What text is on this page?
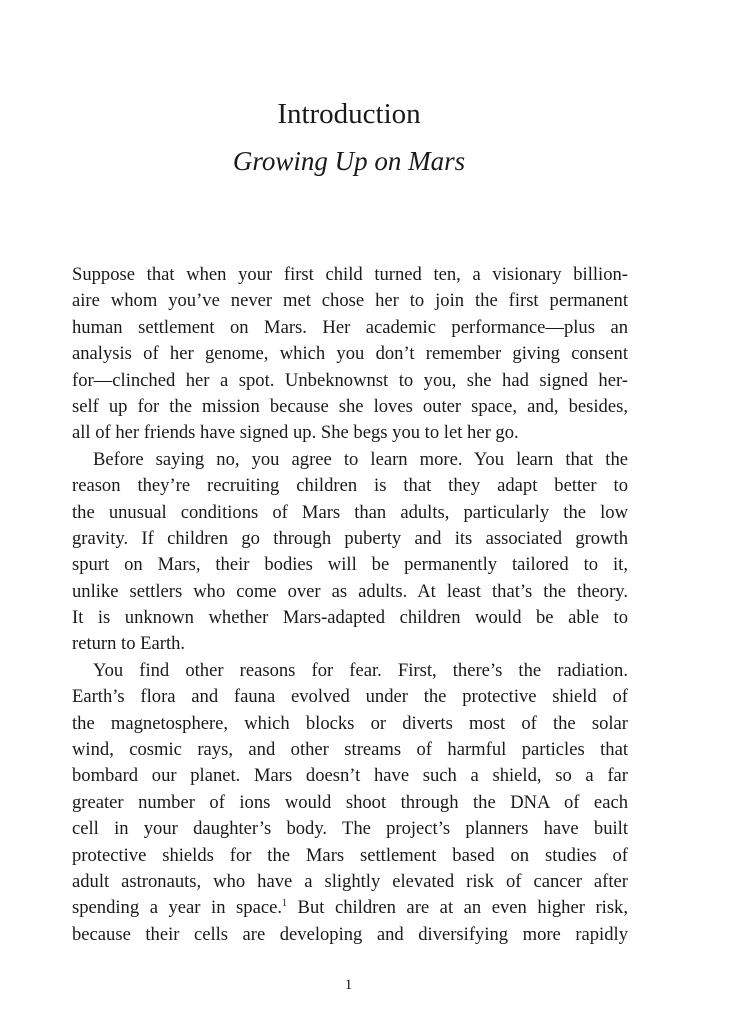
Introduction
Growing Up on Mars
Suppose that when your first child turned ten, a visionary billion-
aire whom you’ve never met chose her to join the first permanent
human settlement on Mars. Her academic performance—plus an
analysis of her genome, which you don’t remember giving consent
for—clinched her a spot. Unbeknownst to you, she had signed her-
self up for the mission because she loves outer space, and, besides,
all of her friends have signed up. She begs you to let her go.
Before saying no, you agree to learn more. You learn that the
reason they’re recruiting children is that they adapt better to
the unusual conditions of Mars than adults, particularly the low
gravity. If children go through puberty and its associated growth
spurt on Mars, their bodies will be permanently tailored to it,
unlike settlers who come over as adults. At least that’s the theory.
It is unknown whether Mars-adapted children would be able to
return to Earth.
You find other reasons for fear. First, there’s the radiation.
Earth’s flora and fauna evolved under the protective shield of
the magnetosphere, which blocks or diverts most of the solar
wind, cosmic rays, and other streams of harmful particles that
bombard our planet. Mars doesn’t have such a shield, so a far
greater number of ions would shoot through the DNA of each
cell in your daughter’s body. The project’s planners have built
protective shields for the Mars settlement based on studies of
adult astronauts, who have a slightly elevated risk of cancer after
spending a year in space.$^1$ But children are at an even higher risk,
because their cells are developing and diversifying more rapidly
1
